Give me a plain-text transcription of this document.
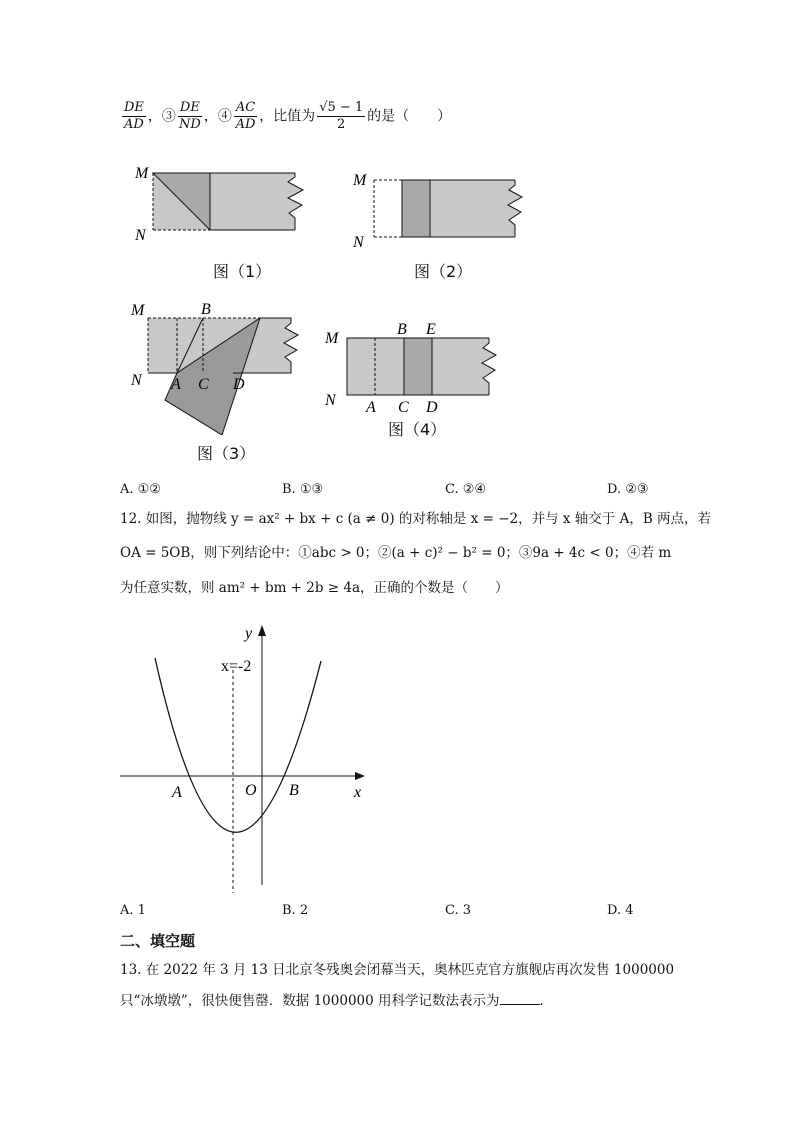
$\frac{DE}{AD}$ ，③ $\frac{DE}{ND}$ ，④ $\frac{AC}{AD}$ ，比值为 $\frac{√5 - 1}{2}$ 的是（　　）
M
N
图（1）
M
N
图（2）
M
N
B
A C D
图（3）
M
N
B E
A C D
图（4）
A. ①②	B. ①③	C. ②④	D. ②③
12. 如图，抛物线 y = ax² + bx + c (a ≠ 0) 的对称轴是 x = −2，并与 x 轴交于 A，B 两点，若
OA = 5OB，则下列结论中：①abc > 0；②(a + c)² − b² = 0；③9a + 4c < 0；④若 m
为任意实数，则 am² + bm + 2b ≥ 4a，正确的个数是（　　）
y
x
x=-2
A	O B
A. 1	B. 2	C. 3	D. 4
二、填空题
13. 在 2022 年 3 月 13 日北京冬残奥会闭幕当天，奥林匹克官方旗舰店再次发售 1000000
只“冰墩墩”，很快便售罄．数据 1000000 用科学记数法表示为	．
